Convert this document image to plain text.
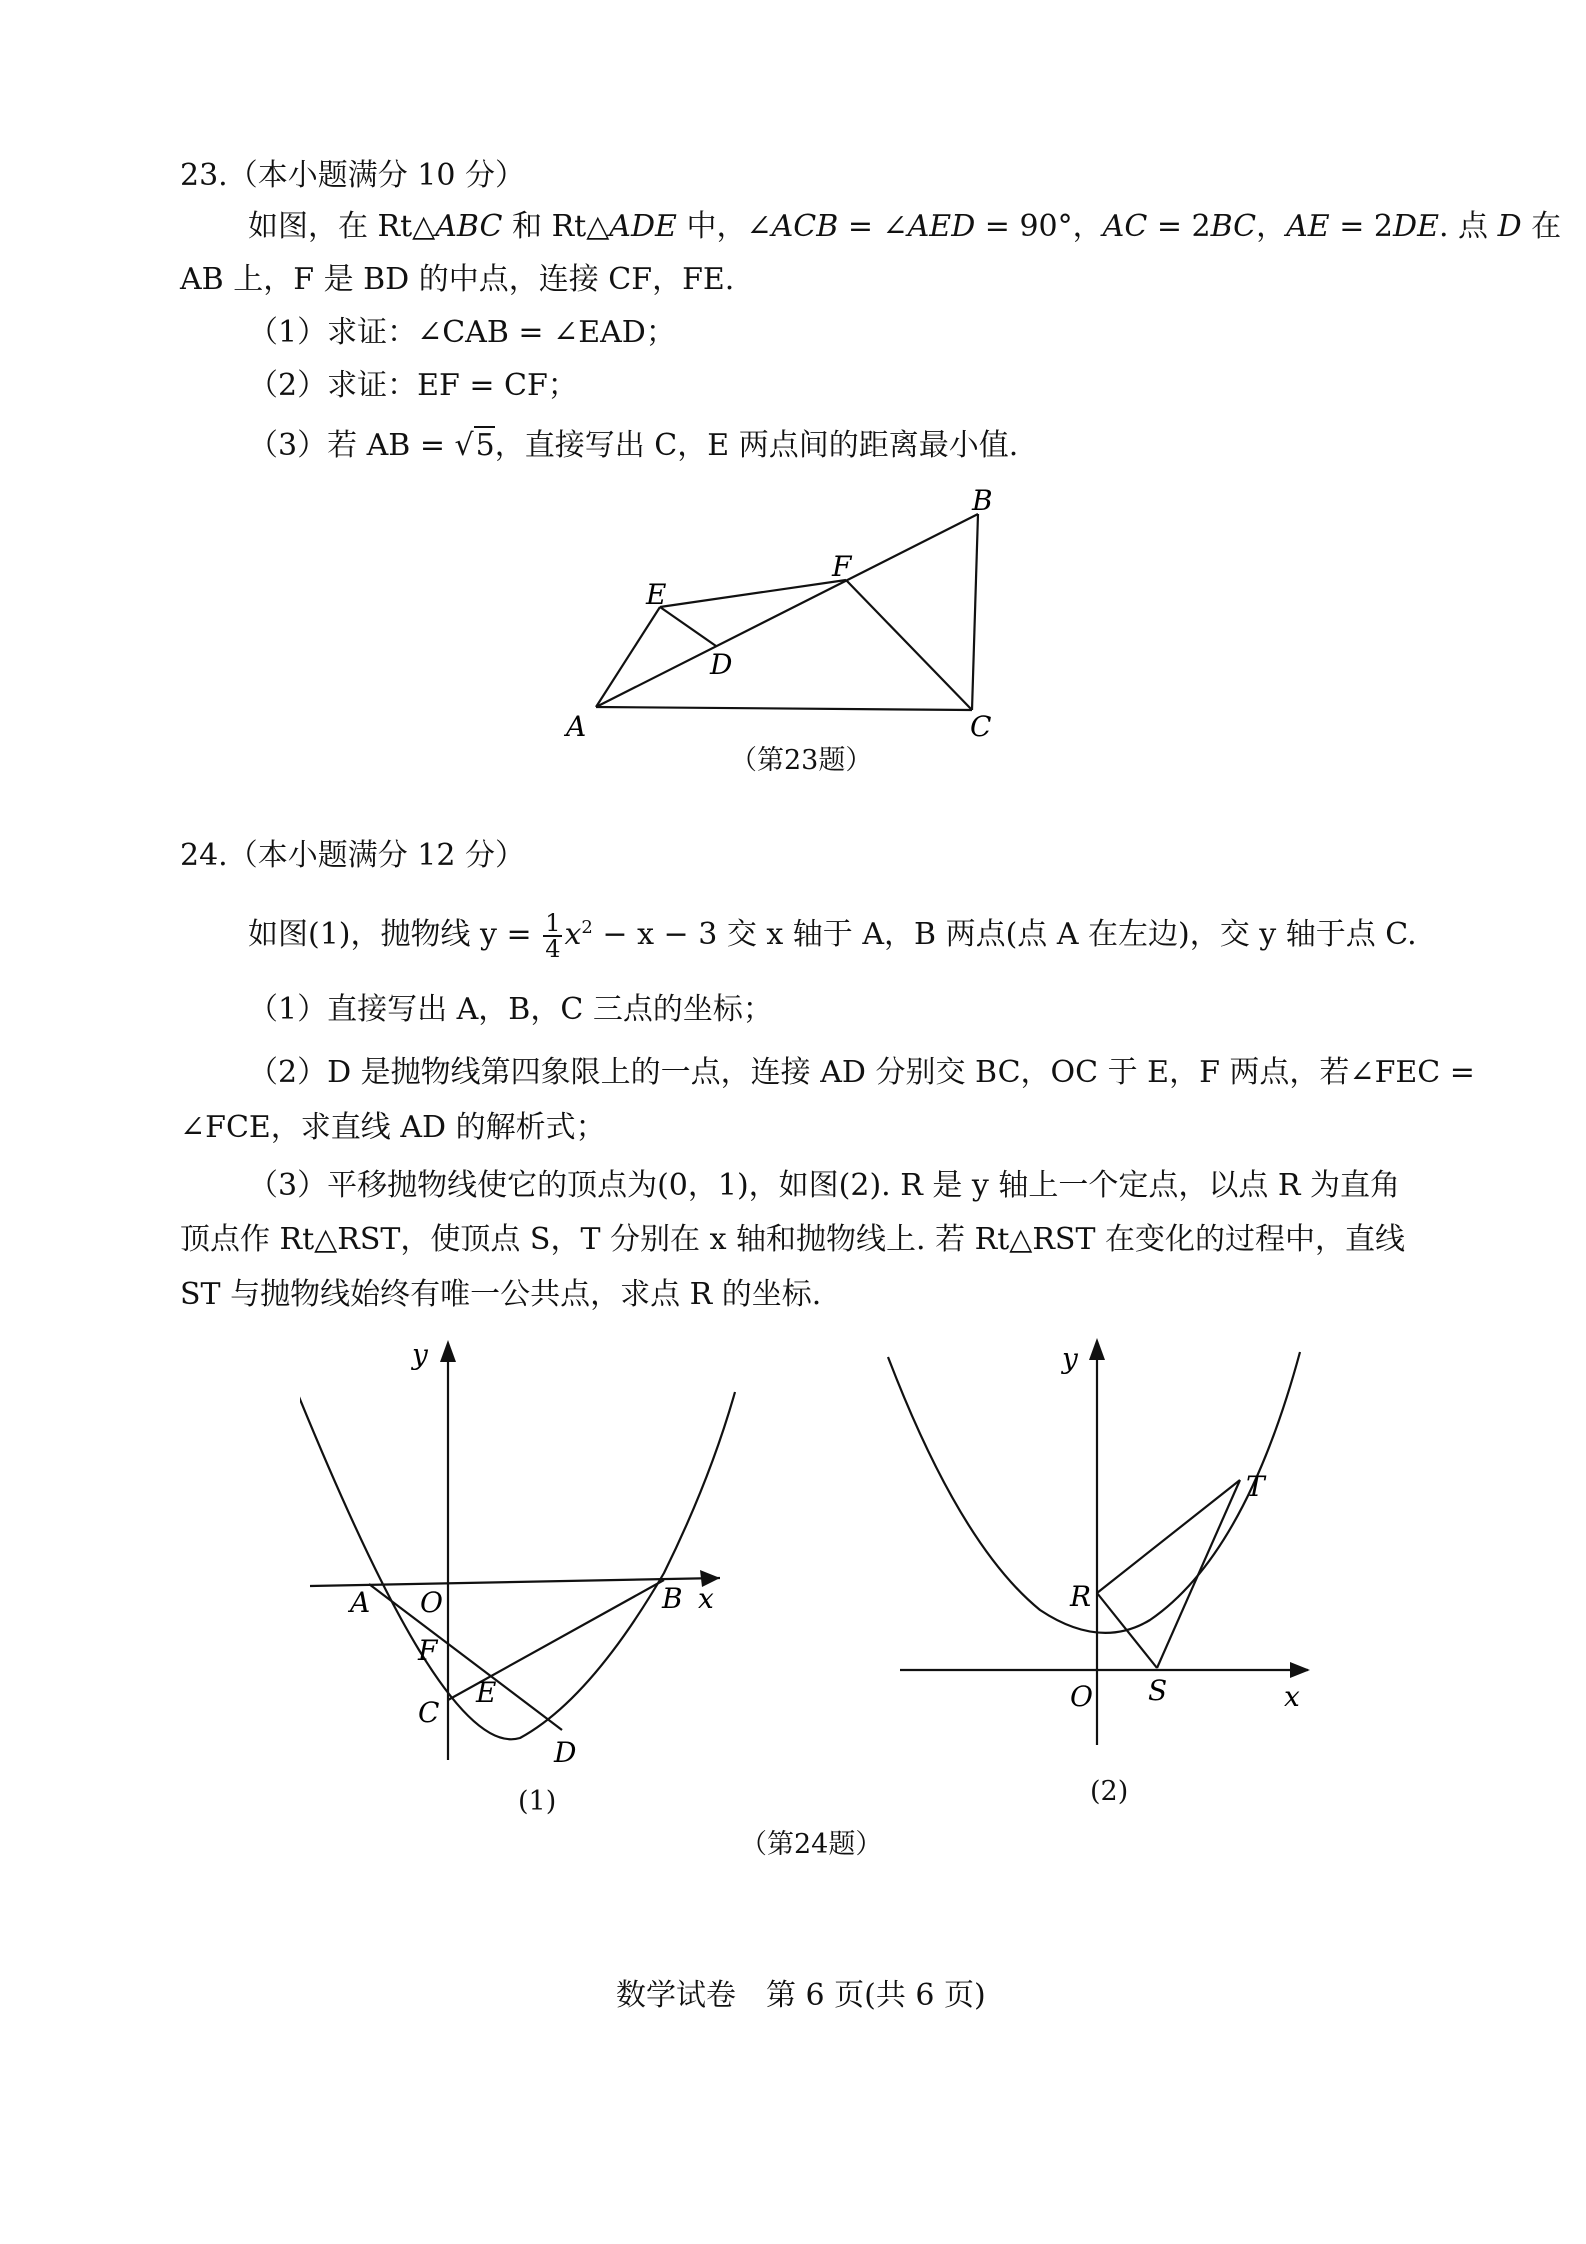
23.（本小题满分 10 分）
如图，在 Rt△ABC 和 Rt△ADE 中，∠ACB = ∠AED = 90°，AC = 2BC，AE = 2DE. 点 D 在
AB 上，F 是 BD 的中点，连接 CF，FE.
（1）求证：∠CAB = ∠EAD；
（2）求证：EF = CF；
（3）若 AB = √5，直接写出 C，E 两点间的距离最小值.
A
B
C
D
E
F
（第23题）
24.（本小题满分 12 分）
如图(1)，抛物线 $y = \frac{1}{4} x^2 - x - 3$ 交 x 轴于 A，B 两点(点 A 在左边)，交 y 轴于点 C.
（1）直接写出 A，B，C 三点的坐标；
（2）D 是抛物线第四象限上的一点，连接 AD 分别交 BC，OC 于 E，F 两点，若∠FEC =
∠FCE，求直线 AD 的解析式；
（3）平移抛物线使它的顶点为(0，1)，如图(2). R 是 y 轴上一个定点，以点 R 为直角
顶点作 Rt△RST，使顶点 S，T 分别在 x 轴和抛物线上. 若 Rt△RST 在变化的过程中，直线
ST 与抛物线始终有唯一公共点，求点 R 的坐标.
y
x
A O	B
F
C
E
D
(1)
y
x
O
R
S
T
(2)
（第24题）
数学试卷　第 6 页(共 6 页)
